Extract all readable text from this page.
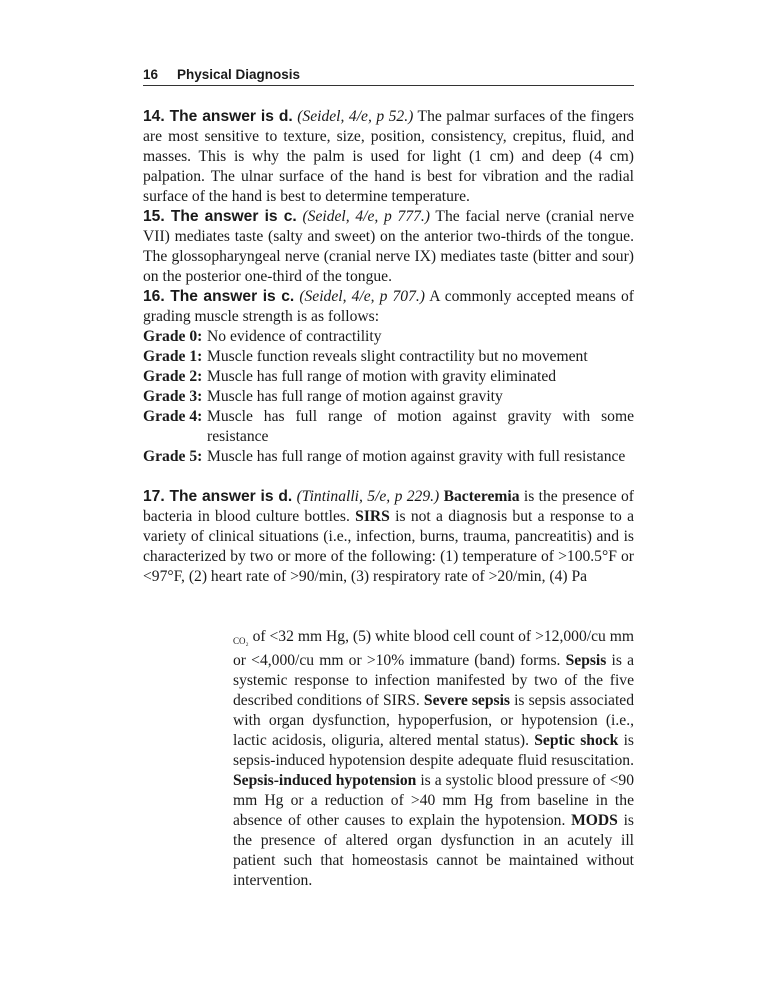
16 Physical Diagnosis

14. The answer is d. (Seidel, 4/e, p 52.) The palmar surfaces of the fingers are most sensitive to texture, size, position, consistency, crepitus, fluid, and masses. This is why the palm is used for light (1 cm) and deep (4 cm) palpation. The ulnar surface of the hand is best for vibration and the radial surface of the hand is best to determine temperature.

15. The answer is c. (Seidel, 4/e, p 777.) The facial nerve (cranial nerve VII) mediates taste (salty and sweet) on the anterior two-thirds of the tongue. The glossopharyngeal nerve (cranial nerve IX) mediates taste (bitter and sour) on the posterior one-third of the tongue.

16. The answer is c. (Seidel, 4/e, p 707.) A commonly accepted means of grading muscle strength is as follows:

Grade 0: No evidence of contractility
Grade 1: Muscle function reveals slight contractility but no movement
Grade 2: Muscle has full range of motion with gravity eliminated
Grade 3: Muscle has full range of motion against gravity
Grade 4: Muscle has full range of motion against gravity with some resistance
Grade 5: Muscle has full range of motion against gravity with full resistance

17. The answer is d. (Tintinalli, 5/e, p 229.) Bacteremia is the presence of bacteria in blood culture bottles. SIRS is not a diagnosis but a response to a variety of clinical situations (i.e., infection, burns, trauma, pancreatitis) and is characterized by two or more of the following: (1) temperature of >100.5°F or <97°F, (2) heart rate of >90/min, (3) respiratory rate of >20/min, (4) Pa

$_{CO_2}$ of <32 mm Hg, (5) white blood cell count of >12,000/cu mm or <4,000/cu mm or >10% immature (band) forms. Sepsis is a systemic response to infection manifested by two of the five described conditions of SIRS. Severe sepsis is sepsis associated with organ dysfunction, hypoperfusion, or hypotension (i.e., lactic acidosis, oliguria, altered mental status). Septic shock is sepsis-induced hypotension despite adequate fluid resuscitation. Sepsis-induced hypotension is a systolic blood pressure of <90 mm Hg or a reduction of >40 mm Hg from baseline in the absence of other causes to explain the hypotension. MODS is the presence of altered organ dysfunction in an acutely ill patient such that homeostasis cannot be maintained without intervention.
